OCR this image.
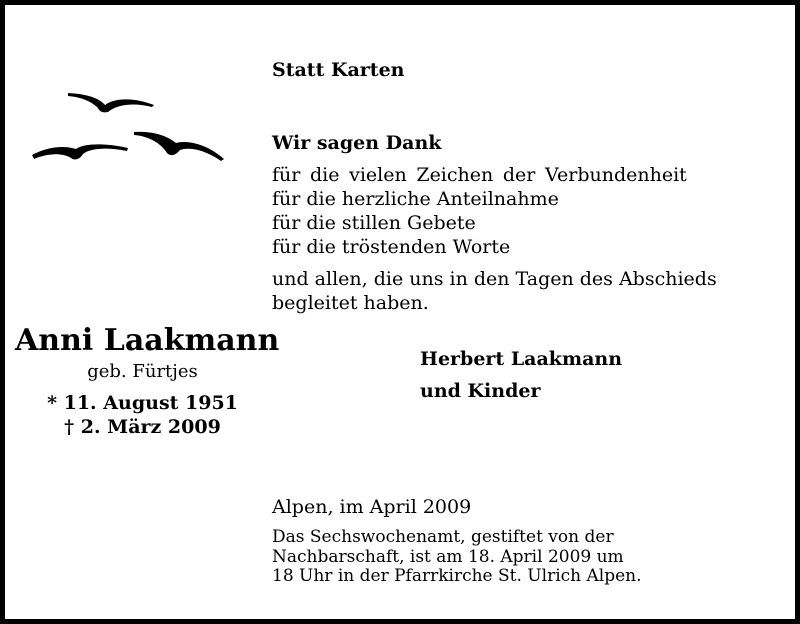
Statt Karten
Wir sagen Dank
für die vielen Zeichen der Verbundenheit
für die herzliche Anteilnahme
für die stillen Gebete
für die tröstenden Worte
und allen, die uns in den Tagen des Abschieds
begleitet haben.
Anni Laakmann
geb. Fürtjes
* 11. August 1951
† 2. März 2009
Herbert Laakmann
und Kinder
Alpen, im April 2009
Das Sechswochenamt, gestiftet von der
Nachbarschaft, ist am 18. April 2009 um
18 Uhr in der Pfarrkirche St. Ulrich Alpen.
